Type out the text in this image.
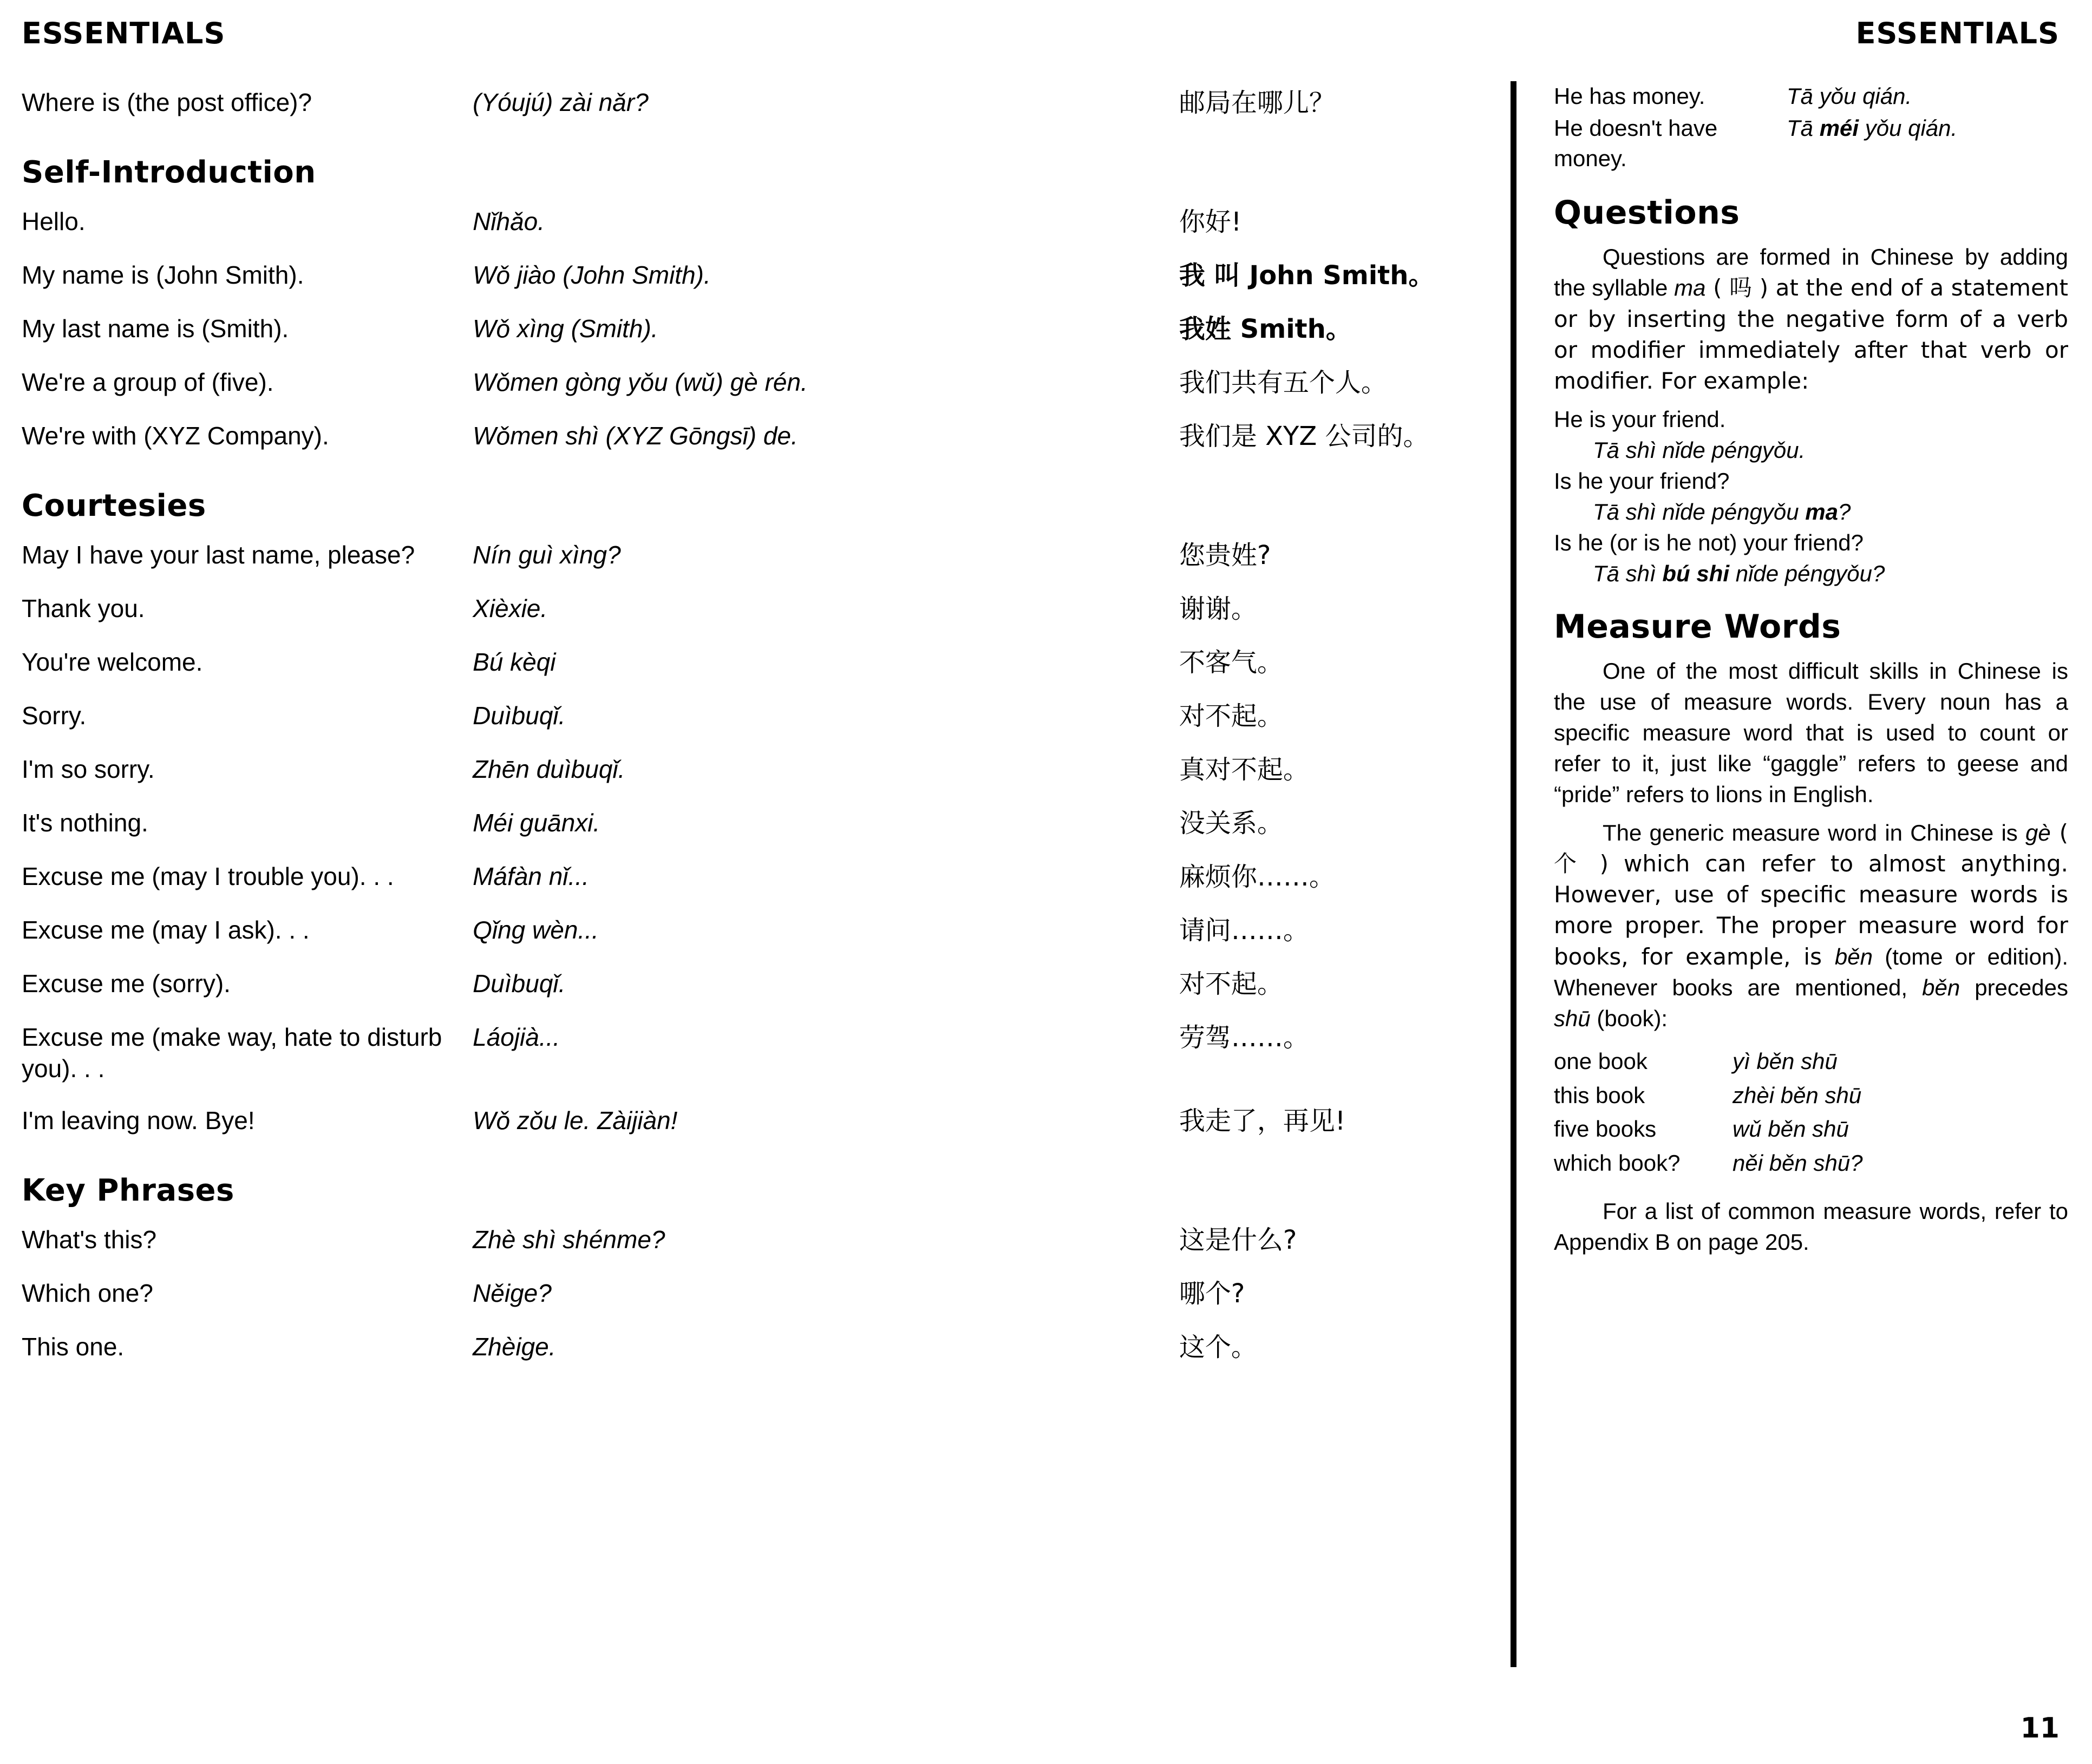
ESSENTIALS	ESSENTIALS
Where is (the post office)?	(Yóujú) zài nǎr?	邮局在哪儿？
Self-Introduction		
Hello.	Nǐhǎo.	你好!
My name is (John Smith).	Wǒ jiào (John Smith).	我 叫 John Smith。
My last name is (Smith).	Wǒ xìng (Smith).	我姓 Smith。
We're a group of (five).	Wǒmen gòng yǒu (wǔ) gè rén.	我们共有五个人。
We're with (XYZ Company).	Wǒmen shì (XYZ Gōngsī) de.	我们是 XYZ 公司的。
Courtesies		
May I have your last name, please?	Nín guì xìng?	您贵姓?
Thank you.	Xièxie.	谢谢。
You're welcome.	Bú kèqi	不客气。
Sorry.	Duìbuqǐ.	对不起。
I'm so sorry.	Zhēn duìbuqǐ.	真对不起。
It's nothing.	Méi guānxi.	没关系。
Excuse me (may I trouble you). . .	Máfàn nǐ...	麻烦你……。
Excuse me (may I ask). . .	Qǐng wèn...	请问……。
Excuse me (sorry).	Duìbuqǐ.	对不起。
Excuse me (make way, hate to disturb you). . .	Láojià...	劳驾……。
I'm leaving now. Bye!	Wǒ zǒu le. Zàijiàn!	我走了，再见!
Key Phrases		
What's this?	Zhè shì shénme?	这是什么?
Which one?	Něige?	哪个?
This one.	Zhèige.	这个。
He has money.	Tā yǒu qián.
He doesn't have money.	Tā méi yǒu qián.
Questions

Questions are formed in Chinese by adding the syllable ma ( 吗 ) at the end of a statement or by inserting the negative form of a verb or modifier immediately after that verb or modifier. For example:

He is your friend.

Tā shì nǐde péngyǒu.

Is he your friend?

Tā shì nǐde péngyǒu ma?

Is he (or is he not) your friend?

Tā shì bú shi nǐde péngyǒu?

Measure Words

One of the most difficult skills in Chinese is the use of measure words. Every noun has a specific measure word that is used to count or refer to it, just like “gaggle” refers to geese and “pride” refers to lions in English.

The generic measure word in Chinese is gè ( 个 ) which can refer to almost anything. However, use of specific measure words is more proper. The proper measure word for books, for example, is běn (tome or edition). Whenever books are mentioned, běn precedes shū (book):

one book	yì běn shū
this book	zhèi běn shū
five books	wǔ běn shū
which book?	něi běn shū?

For a list of common measure words, refer to Appendix B on page 205.

11
